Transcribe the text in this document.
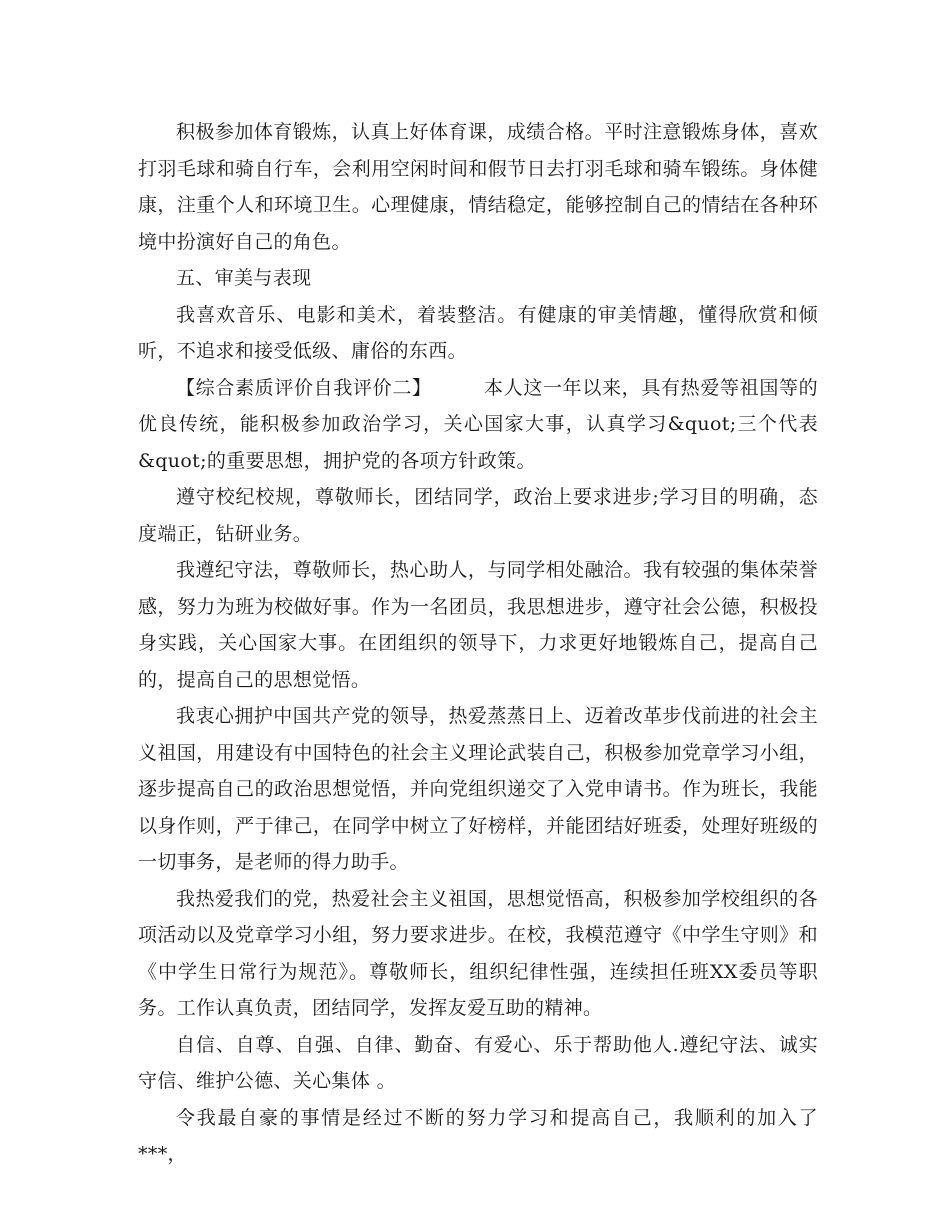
积极参加体育锻炼，认真上好体育课，成绩合格。平时注意锻炼身体，喜欢打羽毛球和骑自行车，会利用空闲时间和假节日去打羽毛球和骑车锻练。身体健康，注重个人和环境卫生。心理健康，情结稳定，能够控制自己的情结在各种环境中扮演好自己的角色。

五、审美与表现

我喜欢音乐、电影和美术，着装整洁。有健康的审美情趣，懂得欣赏和倾听，不追求和接受低级、庸俗的东西。

【综合素质评价自我评价二】	本人这一年以来，具有热爱等祖国等的优良传统，能积极参加政治学习，关心国家大事，认真学习&quot;三个代表&quot;的重要思想，拥护党的各项方针政策。

遵守校纪校规，尊敬师长，团结同学，政治上要求进步;学习目的明确，态度端正，钻研业务。

我遵纪守法，尊敬师长，热心助人，与同学相处融洽。我有较强的集体荣誉感，努力为班为校做好事。作为一名团员，我思想进步，遵守社会公德，积极投身实践，关心国家大事。在团组织的领导下，力求更好地锻炼自己，提高自己的，提高自己的思想觉悟。

我衷心拥护中国共产党的领导，热爱蒸蒸日上、迈着改革步伐前进的社会主义祖国，用建设有中国特色的社会主义理论武装自己，积极参加党章学习小组，逐步提高自己的政治思想觉悟，并向党组织递交了入党申请书。作为班长，我能以身作则，严于律己，在同学中树立了好榜样，并能团结好班委，处理好班级的一切事务，是老师的得力助手。

我热爱我们的党，热爱社会主义祖国，思想觉悟高，积极参加学校组织的各项活动以及党章学习小组，努力要求进步。在校，我模范遵守《中学生守则》和《中学生日常行为规范》。尊敬师长，组织纪律性强，连续担任班XX委员等职务。工作认真负责，团结同学，发挥友爱互助的精神。

自信、自尊、自强、自律、勤奋、有爱心、乐于帮助他人.遵纪守法、诚实守信、维护公德、关心集体 。

令我最自豪的事情是经过不断的努力学习和提高自己，我顺利的加入了***，
